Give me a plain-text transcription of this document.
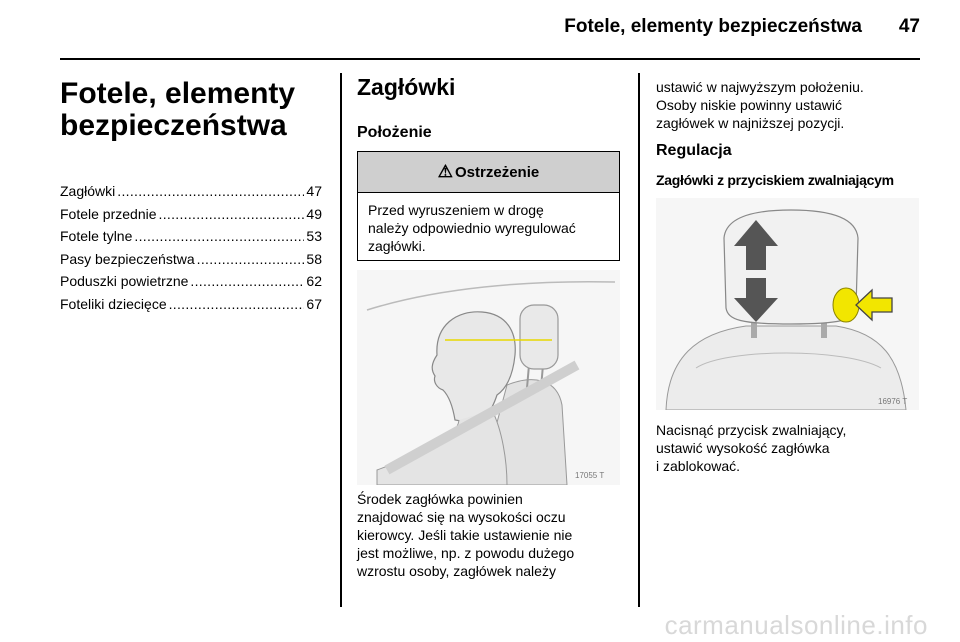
Fotele, elementy bezpieczeństwa 47
Fotele, elementy
bezpieczeństwa
Zagłówki .....	47
Fotele przednie .....	49
Fotele tylne .....	53
Pasy bezpieczeństwa .....	58
Poduszki powietrzne .....	62
Foteliki dziecięce .....	67
Zagłówki
Położenie
⚠ Ostrzeżenie
Przed wyruszeniem w drogę
należy odpowiednio wyregulować
zagłówki.
17055 T
Środek zagłówka powinien
znajdować się na wysokości oczu
kierowcy. Jeśli takie ustawienie nie
jest możliwe, np. z powodu dużego
wzrostu osoby, zagłówek należy
ustawić w najwyższym położeniu.
Osoby niskie powinny ustawić
zagłówek w najniższej pozycji.
Regulacja
Zagłówki z przyciskiem zwalniającym
16976 T
Nacisnąć przycisk zwalniający,
ustawić wysokość zagłówka
i zablokować.
carmanualsonline.info
